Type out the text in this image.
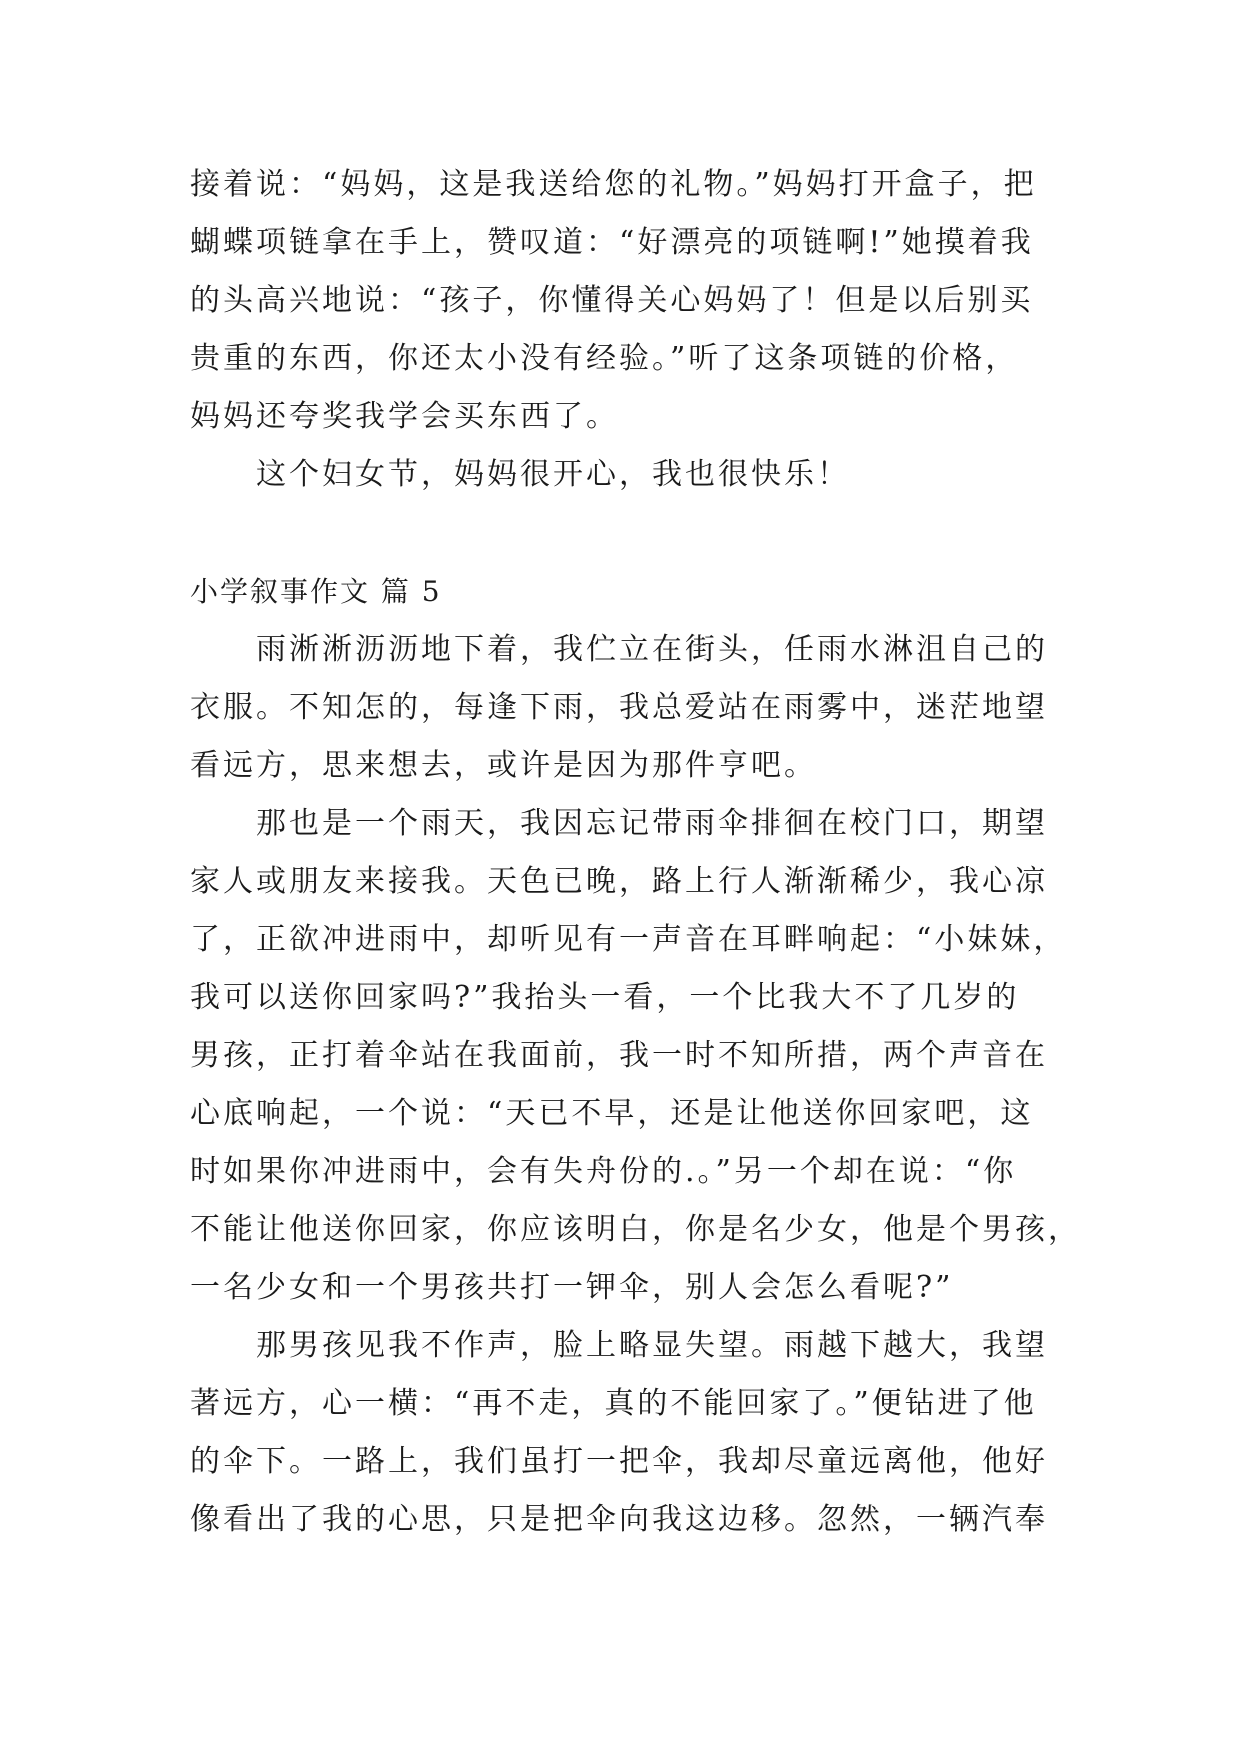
接着说：“妈妈，这是我送给您的礼物。”妈妈打开盒子，把
蝴蝶项链拿在手上，赞叹道：“好漂亮的项链啊!”她摸着我
的头高兴地说：“孩子，你懂得关心妈妈了！但是以后别买
贵重的东西，你还太小没有经验。”听了这条项链的价格，
妈妈还夸奖我学会买东西了。
这个妇女节，妈妈很开心，我也很快乐！
小学叙事作文 篇 5
雨淅淅沥沥地下着，我伫立在街头，任雨水淋沮自己的
衣服。不知怎的，每逢下雨，我总爱站在雨雾中，迷茫地望
看远方，思来想去，或许是因为那件亨吧。
那也是一个雨天，我因忘记带雨伞排徊在校门口，期望
家人或朋友来接我。天色已晚，路上行人渐渐稀少，我心凉
了，正欲冲进雨中，却听见有一声音在耳畔响起：“小妹妹，
我可以送你回家吗?”我抬头一看，一个比我大不了几岁的
男孩，正打着伞站在我面前，我一时不知所措，两个声音在
心底响起，一个说：“天已不早，还是让他送你回家吧，这
时如果你冲进雨中，会有失舟份的.。”另一个却在说：“你
不能让他送你回家，你应该明白，你是名少女，他是个男孩，
一名少女和一个男孩共打一钾伞，别人会怎么看呢?”
那男孩见我不作声，脸上略显失望。雨越下越大，我望
著远方，心一横：“再不走，真的不能回家了。”便钻进了他
的伞下。一路上，我们虽打一把伞，我却尽童远离他，他好
像看出了我的心思，只是把伞向我这边移。忽然，一辆汽奉
